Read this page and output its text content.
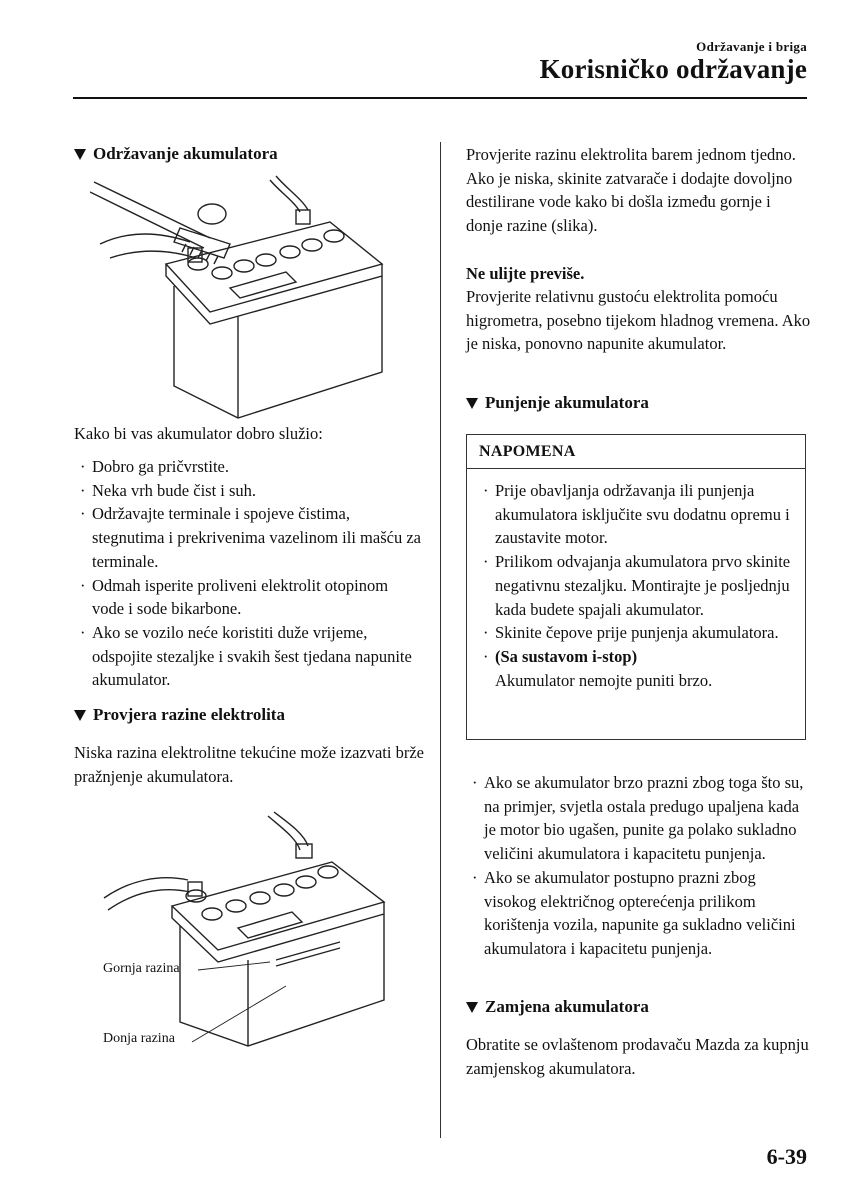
Održavanje i briga
Korisničko održavanje
Održavanje akumulatora
Kako bi vas akumulator dobro služio:
· Dobro ga pričvrstite.
· Neka vrh bude čist i suh.
· Održavajte terminale i spojeve čistima, stegnutima i prekrivenima vazelinom ili mašću za terminale.
· Odmah isperite proliveni elektrolit otopinom vode i sode bikarbone.
· Ako se vozilo neće koristiti duže vrijeme, odspojite stezaljke i svakih šest tjedana napunite akumulator.
Provjera razine elektrolita
Niska razina elektrolitne tekućine može izazvati brže pražnjenje akumulatora.
Gornja razina
Donja razina
Provjerite razinu elektrolita barem jednom tjedno. Ako je niska, skinite zatvarače i dodajte dovoljno destilirane vode kako bi došla između gornje i donje razine (slika).
Ne ulijte previše.
Provjerite relativnu gustoću elektrolita pomoću higrometra, posebno tijekom hladnog vremena. Ako je niska, ponovno napunite akumulator.
Punjenje akumulatora
NAPOMENA
· Prije obavljanja održavanja ili punjenja akumulatora isključite svu dodatnu opremu i zaustavite motor.
· Prilikom odvajanja akumulatora prvo skinite negativnu stezaljku. Montirajte je posljednju kada budete spajali akumulator.
· Skinite čepove prije punjenja akumulatora.
· (Sa sustavom i-stop)
Akumulator nemojte puniti brzo.
· Ako se akumulator brzo prazni zbog toga što su, na primjer, svjetla ostala predugo upaljena kada je motor bio ugašen, punite ga polako sukladno veličini akumulatora i kapacitetu punjenja.
· Ako se akumulator postupno prazni zbog visokog električnog opterećenja prilikom korištenja vozila, napunite ga sukladno veličini akumulatora i kapacitetu punjenja.
Zamjena akumulatora
Obratite se ovlaštenom prodavaču Mazda za kupnju zamjenskog akumulatora.
6-39
